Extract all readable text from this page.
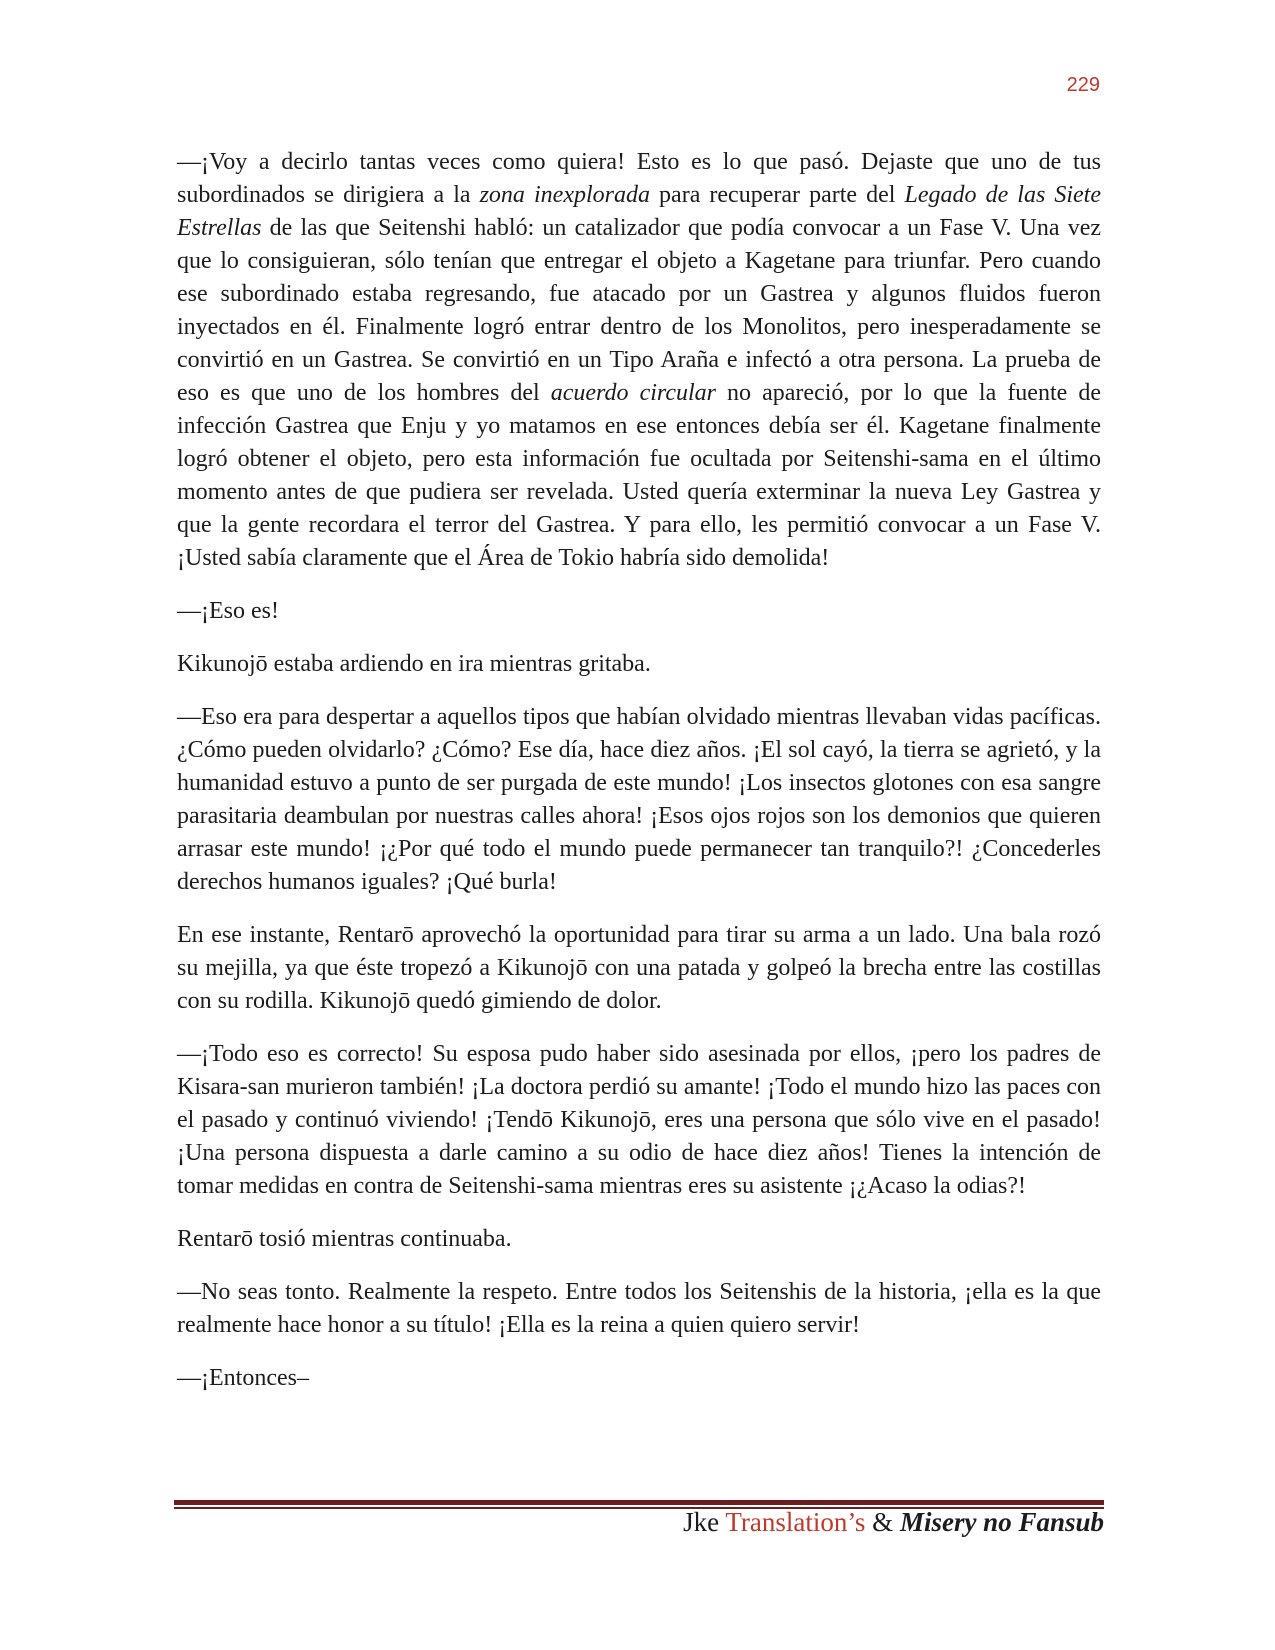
229

—¡Voy a decirlo tantas veces como quiera! Esto es lo que pasó. Dejaste que uno de tus subordinados se dirigiera a la zona inexplorada para recuperar parte del Legado de las Siete Estrellas de las que Seitenshi habló: un catalizador que podía convocar a un Fase V. Una vez que lo consiguieran, sólo tenían que entregar el objeto a Kagetane para triunfar. Pero cuando ese subordinado estaba regresando, fue atacado por un Gastrea y algunos fluidos fueron inyectados en él. Finalmente logró entrar dentro de los Monolitos, pero inesperadamente se convirtió en un Gastrea. Se convirtió en un Tipo Araña e infectó a otra persona. La prueba de eso es que uno de los hombres del acuerdo circular no apareció, por lo que la fuente de infección Gastrea que Enju y yo matamos en ese entonces debía ser él. Kagetane finalmente logró obtener el objeto, pero esta información fue ocultada por Seitenshi-sama en el último momento antes de que pudiera ser revelada. Usted quería exterminar la nueva Ley Gastrea y que la gente recordara el terror del Gastrea. Y para ello, les permitió convocar a un Fase V. ¡Usted sabía claramente que el Área de Tokio habría sido demolida!

—¡Eso es!

Kikunojō estaba ardiendo en ira mientras gritaba.

—Eso era para despertar a aquellos tipos que habían olvidado mientras llevaban vidas pacíficas. ¿Cómo pueden olvidarlo? ¿Cómo? Ese día, hace diez años. ¡El sol cayó, la tierra se agrietó, y la humanidad estuvo a punto de ser purgada de este mundo! ¡Los insectos glotones con esa sangre parasitaria deambulan por nuestras calles ahora! ¡Esos ojos rojos son los demonios que quieren arrasar este mundo! ¡¿Por qué todo el mundo puede permanecer tan tranquilo?! ¿Concederles derechos humanos iguales? ¡Qué burla!

En ese instante, Rentarō aprovechó la oportunidad para tirar su arma a un lado. Una bala rozó su mejilla, ya que éste tropezó a Kikunojō con una patada y golpeó la brecha entre las costillas con su rodilla. Kikunojō quedó gimiendo de dolor.

—¡Todo eso es correcto! Su esposa pudo haber sido asesinada por ellos, ¡pero los padres de Kisara-san murieron también! ¡La doctora perdió su amante! ¡Todo el mundo hizo las paces con el pasado y continuó viviendo! ¡Tendō Kikunojō, eres una persona que sólo vive en el pasado! ¡Una persona dispuesta a darle camino a su odio de hace diez años! Tienes la intención de tomar medidas en contra de Seitenshi-sama mientras eres su asistente ¡¿Acaso la odias?!

Rentarō tosió mientras continuaba.

—No seas tonto. Realmente la respeto. Entre todos los Seitenshis de la historia, ¡ella es la que realmente hace honor a su título! ¡Ella es la reina a quien quiero servir!

—¡Entonces–

Jke Translation’s & Misery no Fansub
